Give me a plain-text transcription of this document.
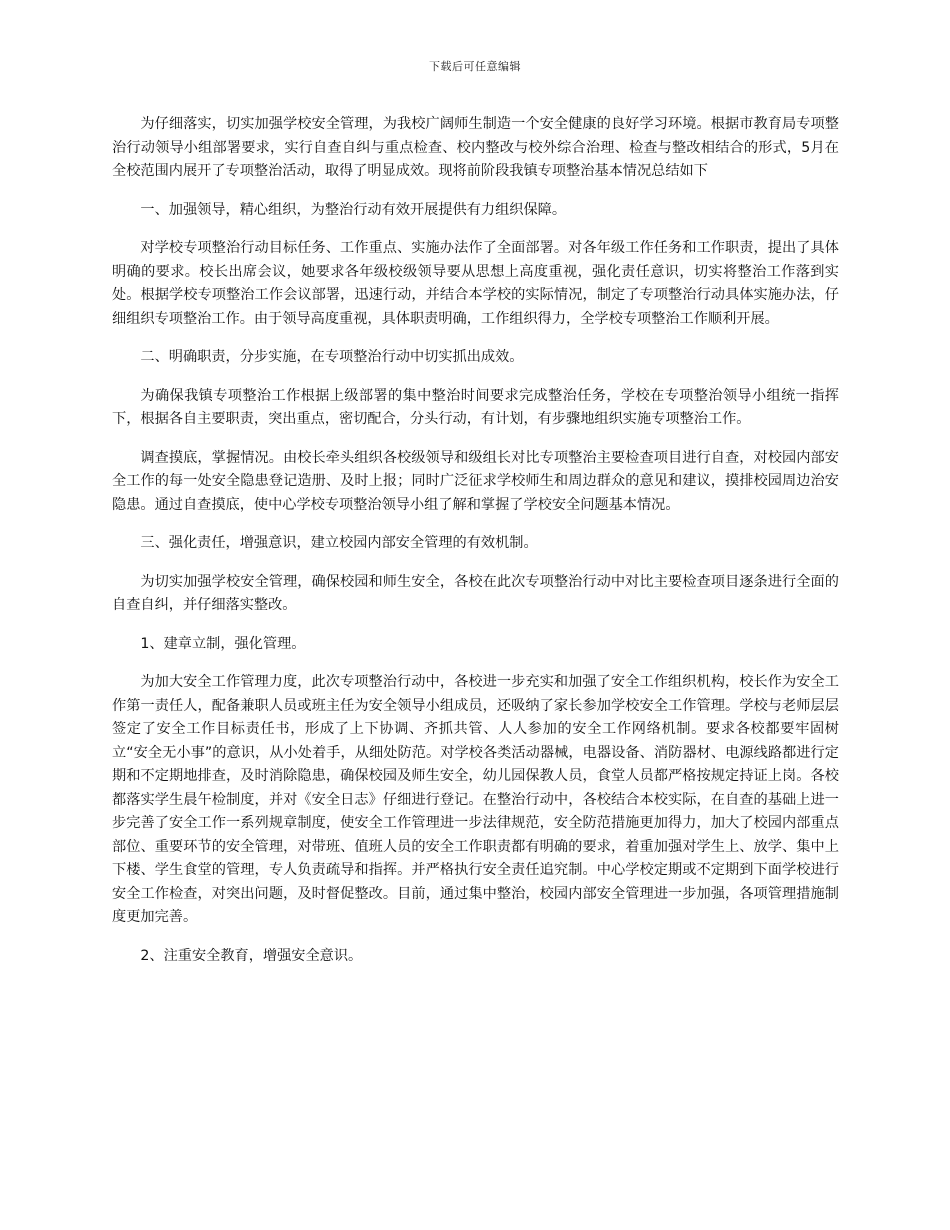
下载后可任意编辑

为仔细落实，切实加强学校安全管理，为我校广阔师生制造一个安全健康的良好学习环境。根据市教育局专项整治行动领导小组部署要求，实行自查自纠与重点检查、校内整改与校外综合治理、检查与整改相结合的形式，5月在全校范围内展开了专项整治活动，取得了明显成效。现将前阶段我镇专项整治基本情况总结如下

一、加强领导，精心组织，为整治行动有效开展提供有力组织保障。

对学校专项整治行动目标任务、工作重点、实施办法作了全面部署。对各年级工作任务和工作职责，提出了具体明确的要求。校长出席会议，她要求各年级校级领导要从思想上高度重视，强化责任意识，切实将整治工作落到实处。根据学校专项整治工作会议部署，迅速行动，并结合本学校的实际情况，制定了专项整治行动具体实施办法，仔细组织专项整治工作。由于领导高度重视，具体职责明确，工作组织得力，全学校专项整治工作顺利开展。

二、明确职责，分步实施，在专项整治行动中切实抓出成效。

为确保我镇专项整治工作根据上级部署的集中整治时间要求完成整治任务，学校在专项整治领导小组统一指挥下，根据各自主要职责，突出重点，密切配合，分头行动，有计划，有步骤地组织实施专项整治工作。

调查摸底，掌握情况。由校长牵头组织各校级领导和级组长对比专项整治主要检查项目进行自查，对校园内部安全工作的每一处安全隐患登记造册、及时上报；同时广泛征求学校师生和周边群众的意见和建议，摸排校园周边治安隐患。通过自查摸底，使中心学校专项整治领导小组了解和掌握了学校安全问题基本情况。

三、强化责任，增强意识，建立校园内部安全管理的有效机制。

为切实加强学校安全管理，确保校园和师生安全，各校在此次专项整治行动中对比主要检查项目逐条进行全面的自查自纠，并仔细落实整改。

1、建章立制，强化管理。

为加大安全工作管理力度，此次专项整治行动中，各校进一步充实和加强了安全工作组织机构，校长作为安全工作第一责任人，配备兼职人员或班主任为安全领导小组成员，还吸纳了家长参加学校安全工作管理。学校与老师层层签定了安全工作目标责任书，形成了上下协调、齐抓共管、人人参加的安全工作网络机制。要求各校都要牢固树立“安全无小事”的意识，从小处着手，从细处防范。对学校各类活动器械，电器设备、消防器材、电源线路都进行定期和不定期地排查，及时消除隐患，确保校园及师生安全，幼儿园保教人员，食堂人员都严格按规定持证上岗。各校都落实学生晨午检制度，并对《安全日志》仔细进行登记。在整治行动中，各校结合本校实际，在自查的基础上进一步完善了安全工作一系列规章制度，使安全工作管理进一步法律规范，安全防范措施更加得力，加大了校园内部重点部位、重要环节的安全管理，对带班、值班人员的安全工作职责都有明确的要求，着重加强对学生上、放学、集中上下楼、学生食堂的管理，专人负责疏导和指挥。并严格执行安全责任追究制。中心学校定期或不定期到下面学校进行安全工作检查，对突出问题，及时督促整改。目前，通过集中整治，校园内部安全管理进一步加强，各项管理措施制度更加完善。

2、注重安全教育，增强安全意识。
